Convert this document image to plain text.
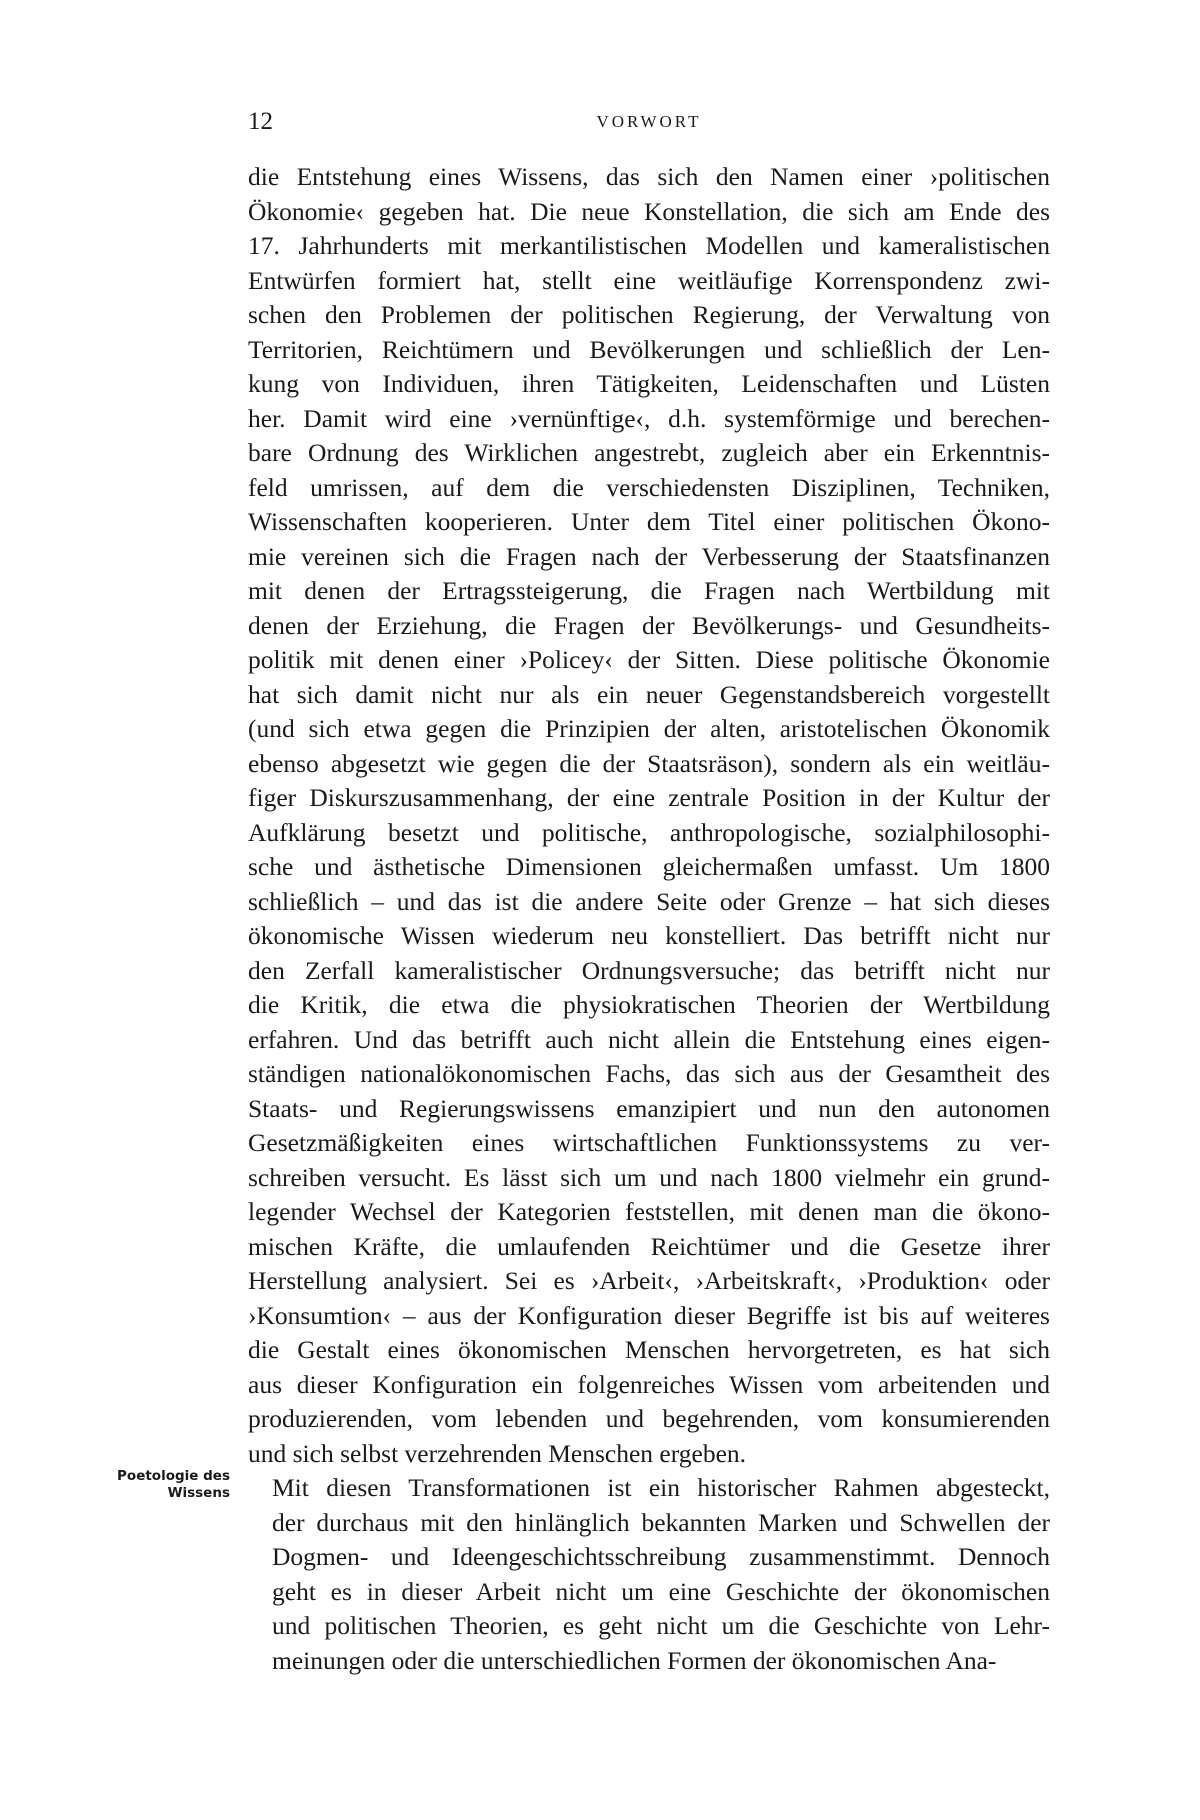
12	VORWORT
Poetologie des
Wissens

die Entstehung eines Wissens, das sich den Namen einer ›politischen
Ökonomie‹ gegeben hat. Die neue Konstellation, die sich am Ende des
17. Jahrhunderts mit merkantilistischen Modellen und kameralistischen
Entwürfen formiert hat, stellt eine weitläufige Korrenspondenz zwi-
schen den Problemen der politischen Regierung, der Verwaltung von
Territorien, Reichtümern und Bevölkerungen und schließlich der Len-
kung von Individuen, ihren Tätigkeiten, Leidenschaften und Lüsten
her. Damit wird eine ›vernünftige‹, d.h. systemförmige und berechen-
bare Ordnung des Wirklichen angestrebt, zugleich aber ein Erkenntnis-
feld umrissen, auf dem die verschiedensten Disziplinen, Techniken,
Wissenschaften kooperieren. Unter dem Titel einer politischen Ökono-
mie vereinen sich die Fragen nach der Verbesserung der Staatsfinanzen
mit denen der Ertragssteigerung, die Fragen nach Wertbildung mit
denen der Erziehung, die Fragen der Bevölkerungs- und Gesundheits-
politik mit denen einer ›Policey‹ der Sitten. Diese politische Ökonomie
hat sich damit nicht nur als ein neuer Gegenstandsbereich vorgestellt
(und sich etwa gegen die Prinzipien der alten, aristotelischen Ökonomik
ebenso abgesetzt wie gegen die der Staatsräson), sondern als ein weitläu-
figer Diskurszusammenhang, der eine zentrale Position in der Kultur der
Aufklärung besetzt und politische, anthropologische, sozialphilosophi-
sche und ästhetische Dimensionen gleichermaßen umfasst. Um 1800
schließlich – und das ist die andere Seite oder Grenze – hat sich dieses
ökonomische Wissen wiederum neu konstelliert. Das betrifft nicht nur
den Zerfall kameralistischer Ordnungsversuche; das betrifft nicht nur
die Kritik, die etwa die physiokratischen Theorien der Wertbildung
erfahren. Und das betrifft auch nicht allein die Entstehung eines eigen-
ständigen nationalökonomischen Fachs, das sich aus der Gesamtheit des
Staats- und Regierungswissens emanzipiert und nun den autonomen
Gesetzmäßigkeiten eines wirtschaftlichen Funktionssystems zu ver-
schreiben versucht. Es lässt sich um und nach 1800 vielmehr ein grund-
legender Wechsel der Kategorien feststellen, mit denen man die ökono-
mischen Kräfte, die umlaufenden Reichtümer und die Gesetze ihrer
Herstellung analysiert. Sei es ›Arbeit‹, ›Arbeitskraft‹, ›Produktion‹ oder
›Konsumtion‹ – aus der Konfiguration dieser Begriffe ist bis auf weiteres
die Gestalt eines ökonomischen Menschen hervorgetreten, es hat sich
aus dieser Konfiguration ein folgenreiches Wissen vom arbeitenden und
produzierenden, vom lebenden und begehrenden, vom konsumierenden
und sich selbst verzehrenden Menschen ergeben.

Mit diesen Transformationen ist ein historischer Rahmen abgesteckt,
der durchaus mit den hinlänglich bekannten Marken und Schwellen der
Dogmen- und Ideengeschichtsschreibung zusammenstimmt. Dennoch
geht es in dieser Arbeit nicht um eine Geschichte der ökonomischen
und politischen Theorien, es geht nicht um die Geschichte von Lehr-
meinungen oder die unterschiedlichen Formen der ökonomischen Ana-
